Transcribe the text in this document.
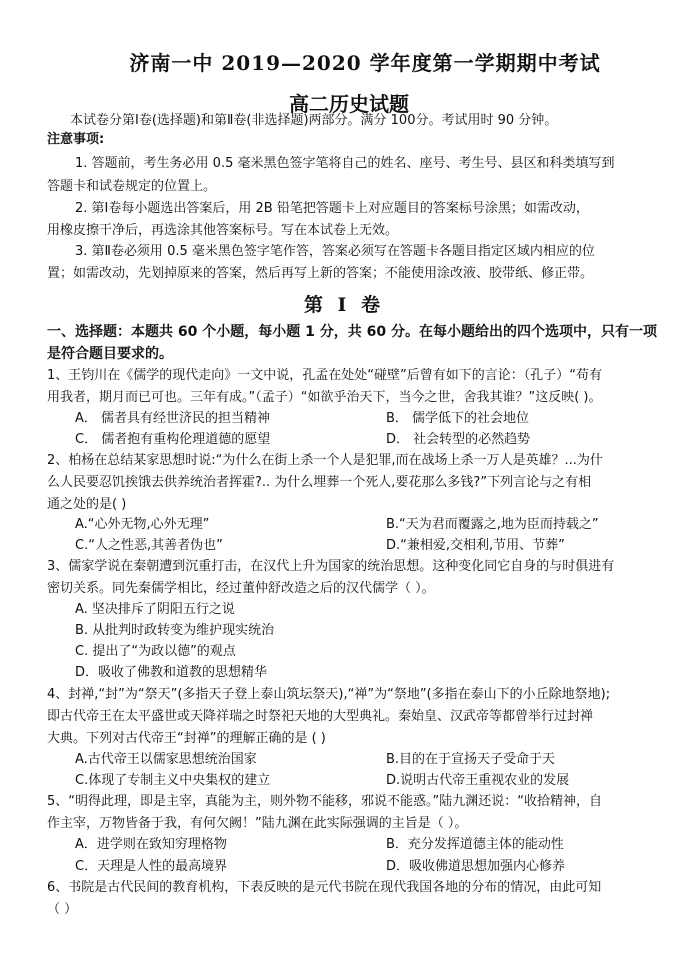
济南一中 2019—2020 学年度第一学期期中考试
高二历史试题
本试卷分第Ⅰ卷(选择题)和第Ⅱ卷(非选择题)两部分。满分 100分。考试用时 90 分钟。
注意事项:
1. 答题前，考生务必用 0.5 毫米黑色签字笔将自己的姓名、座号、考生号、县区和科类填写到
答题卡和试卷规定的位置上。
2. 第Ⅰ卷每小题选出答案后，用 2B 铅笔把答题卡上对应题目的答案标号涂黑；如需改动，
用橡皮擦干净后，再选涂其他答案标号。写在本试卷上无效。
3. 第Ⅱ卷必须用 0.5 毫米黑色签字笔作答，答案必须写在答题卡各题目指定区域内相应的位
置；如需改动，先划掉原来的答案，然后再写上新的答案；不能使用涂改液、胶带纸、修正带。
第 Ⅰ 卷
一、选择题：本题共 60 个小题，每小题 1 分，共 60 分。在每小题给出的四个选项中，只有一项
是符合题目要求的。
1、王钧川在《儒学的现代走向》一文中说，孔孟在处处“碰壁”后曾有如下的言论：（孔子）“苟有
用我者，期月而已可也。三年有成。”（孟子）“如欲乎治天下，当今之世，舍我其谁？”这反映( )。
A． 儒者具有经世济民的担当精神	B． 儒学低下的社会地位
C． 儒者抱有重构伦理道德的愿望	D． 社会转型的必然趋势
2、柏杨在总结某家思想时说:“为什么在街上杀一个人是犯罪,而在战场上杀一万人是英雄？...为什
么人民要忍饥挨饿去供养统治者挥霍?.. 为什么埋葬一个死人,要花那么多钱?”下列言论与之有相
通之处的是( )
A.“心外无物,心外无理”	B.“天为君而覆露之,地为臣而持载之”
C.“人之性恶,其善者伪也”	D.“兼相爱,交相利,节用、节葬”
3、儒家学说在秦朝遭到沉重打击，在汉代上升为国家的统治思想。这种变化同它自身的与时俱进有
密切关系。同先秦儒学相比，经过董仲舒改造之后的汉代儒学（ ）。
A. 坚决排斥了阴阳五行之说
B. 从批判时政转变为维护现实统治
C. 提出了“为政以德”的观点
D．吸收了佛教和道教的思想精华
4、封禅,“封”为“祭天”(多指天子登上泰山筑坛祭天),“禅”为“祭地”(多指在泰山下的小丘除地祭地);
即古代帝王在太平盛世或天降祥瑞之时祭祀天地的大型典礼。秦始皇、汉武帝等都曾举行过封禅
大典。下列对古代帝王“封禅”的理解正确的是 ( )
A.古代帝王以儒家思想统治国家	B.目的在于宣扬天子受命于天
C.体现了专制主义中央集权的建立	D.说明古代帝王重视农业的发展
5、“明得此理，即是主宰，真能为主，则外物不能移，邪说不能惑。”陆九渊还说：“收拾精神，自
作主宰，万物皆备于我，有何欠阙！”陆九渊在此实际强调的主旨是（ ）。
A．进学则在致知穷理格物	B．充分发挥道德主体的能动性
C．天理是人性的最高境界	D．吸收佛道思想加强内心修养
6、书院是古代民间的教育机构，下表反映的是元代书院在现代我国各地的分布的情况，由此可知
（ ）
